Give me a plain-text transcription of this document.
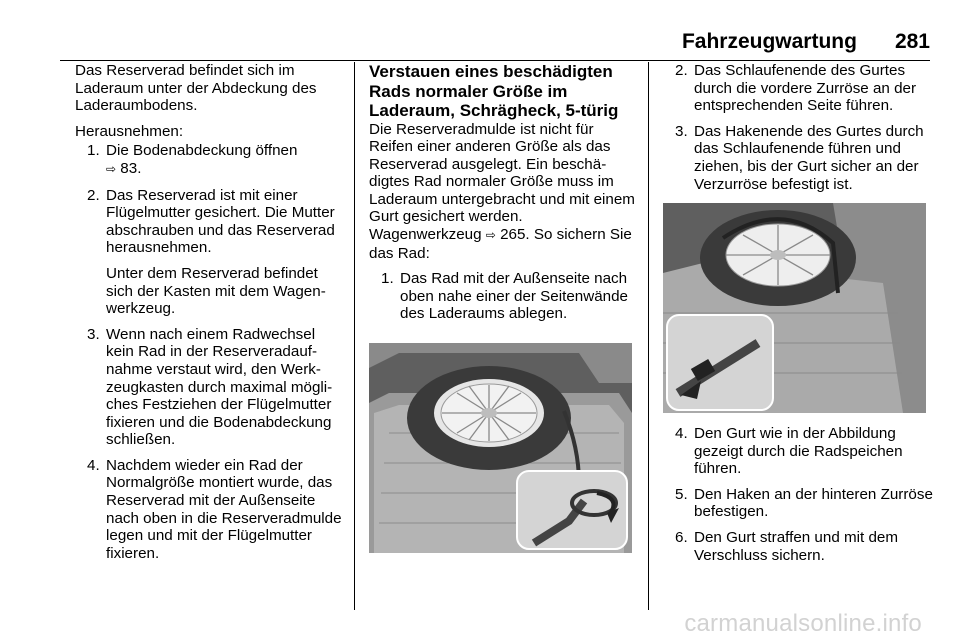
Fahrzeugwartung 281

Das Reserverad befindet sich im Laderaum unter der Abdeckung des Laderaumbodens.

Herausnehmen:

1. Die Bodenabdeckung öffnen
⇨ 83.
2. Das Reserverad ist mit einer Flügelmutter gesichert. Die Mutter abschrauben und das Reserverad herausnehmen.

Unter dem Reserverad befindet sich der Kasten mit dem Wagenwerkzeug.

3. Wenn nach einem Radwechsel kein Rad in der Reserveradaufnahme verstaut wird, den Werkzeugkasten durch maximal mögliches Festziehen der Flügelmutter fixieren und die Bodenabdeckung schließen.
4. Nachdem wieder ein Rad der Normalgröße montiert wurde, das Reserverad mit der Außenseite nach oben in die Reserveradmulde legen und mit der Flügelmutter fixieren.

Verstauen eines beschädigten Rads normaler Größe im Laderaum, Schrägheck, 5-türig

Die Reserveradmulde ist nicht für Reifen einer anderen Größe als das Reserverad ausgelegt. Ein beschädigtes Rad normaler Größe muss im Laderaum untergebracht und mit einem Gurt gesichert werden. Wagenwerkzeug ⇨ 265. So sichern Sie das Rad:

1. Das Rad mit der Außenseite nach oben nahe einer der Seitenwände des Laderaums ablegen.
2. Das Schlaufenende des Gurtes durch die vordere Zurröse an der entsprechenden Seite führen.
3. Das Hakenende des Gurtes durch das Schlaufenende führen und ziehen, bis der Gurt sicher an der Verzurröse befestigt ist.
4. Den Gurt wie in der Abbildung gezeigt durch die Radspeichen führen.
5. Den Haken an der hinteren Zurröse befestigen.
6. Den Gurt straffen und mit dem Verschluss sichern.
carmanualsonline.info
